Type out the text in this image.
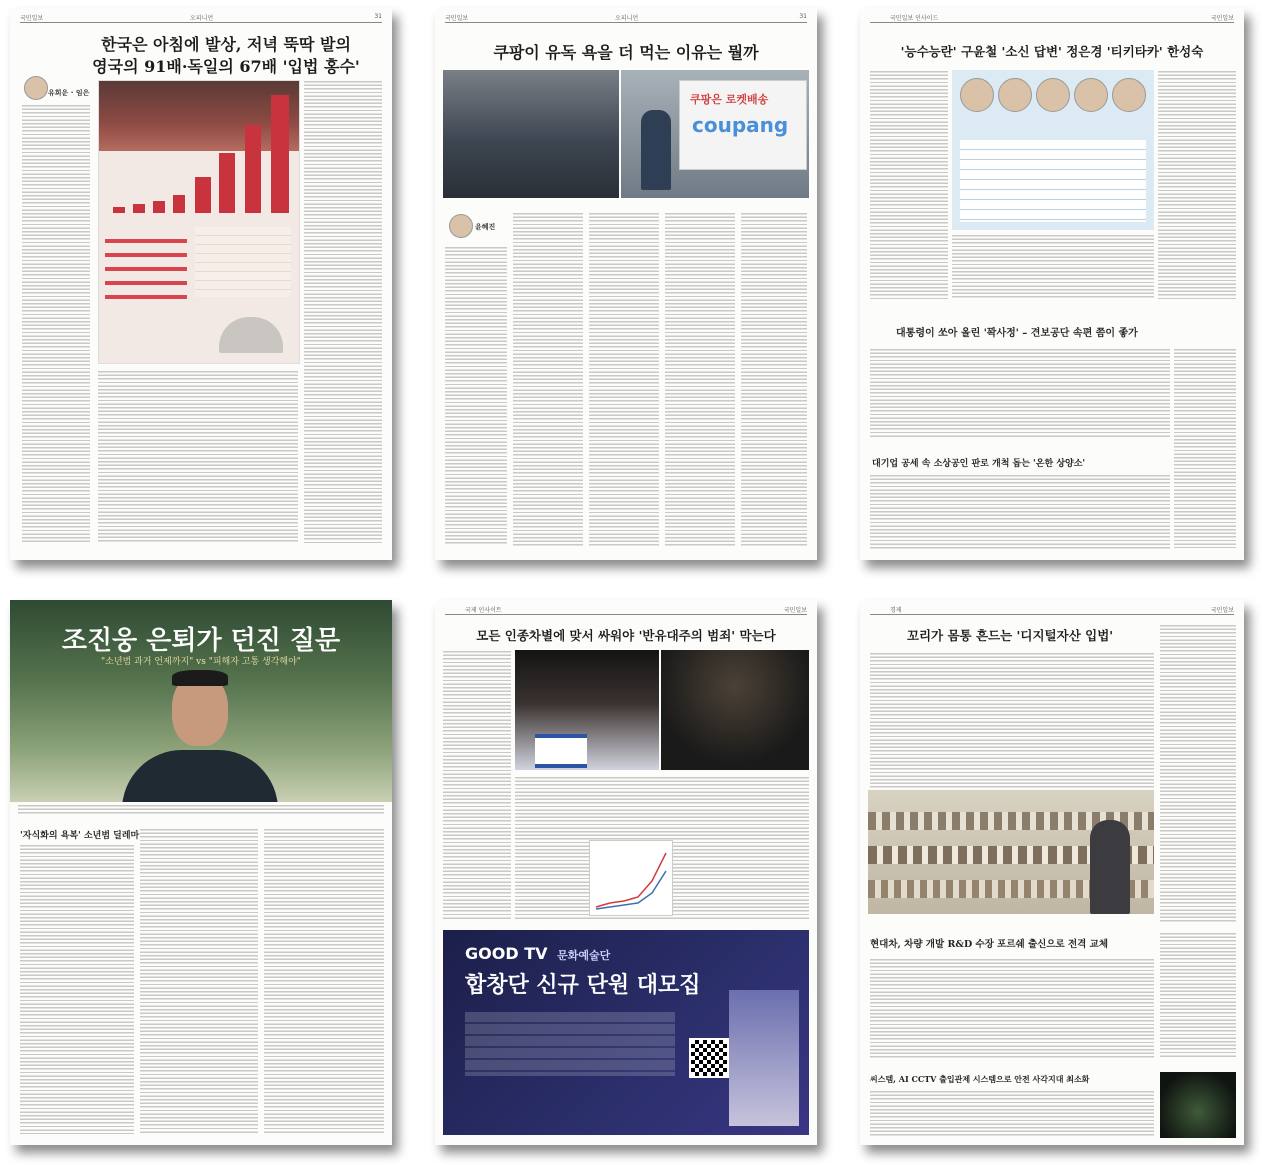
국민일보	오피니언	31
한국은 아침에 발상, 저녁 뚝딱 발의
영국의 91배·독일의 67배 '입법 홍수'
유희운 · 임은
국민일보	오피니언	31
쿠팡이 유독 욕을 더 먹는 이유는 뭘까
쿠팡은 로켓배송
coupang
윤혜진
국민일보 인사이드	국민일보
'능수능란' 구윤철 '소신 답변' 정은경 '티키타카' 한성숙
대통령이 쏘아 올린 '꽉사정' – 견보공단 속편 쯤이 좋가
대기업 공세 속 소상공인 판로 개척 돕는 '온한 상양소'
조진웅 은퇴가 던진 질문
"소년범 과거 언제까지" vs "피해자 고통 생각해야"
'자식화의 욕복' 소년범 딜레마
국제 인사이트	국민일보
모든 인종차별에 맞서 싸워야 '반유대주의 범죄' 막는다
GOOD TV 문화예술단
합창단 신규 단원 대모집
경제	국민일보
꼬리가 몸통 흔드는 '디지털자산 입법'
현대차, 차량 개발 R&D 수장 포르쉐 출신으로 전격 교체
씨스템, AI CCTV 출입관제 시스템으로 안전 사각지대 최소화
